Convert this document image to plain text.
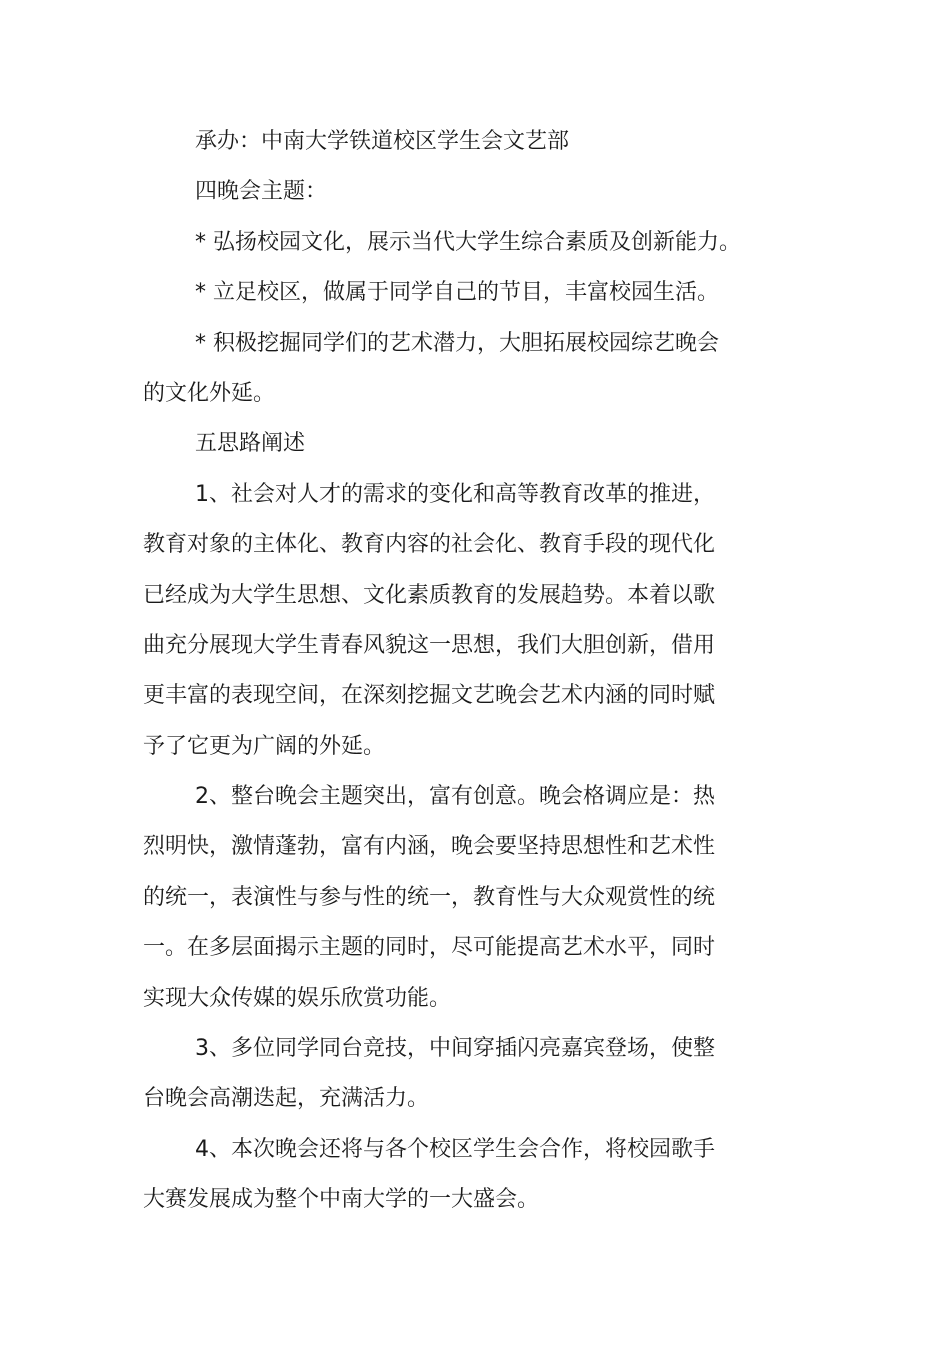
承办：中南大学铁道校区学生会文艺部
四晚会主题：
* 弘扬校园文化，展示当代大学生综合素质及创新能力。
* 立足校区，做属于同学自己的节目，丰富校园生活。
* 积极挖掘同学们的艺术潜力，大胆拓展校园综艺晚会
的文化外延。
五思路阐述
1、社会对人才的需求的变化和高等教育改革的推进，
教育对象的主体化、教育内容的社会化、教育手段的现代化
已经成为大学生思想、文化素质教育的发展趋势。本着以歌
曲充分展现大学生青春风貌这一思想，我们大胆创新，借用
更丰富的表现空间，在深刻挖掘文艺晚会艺术内涵的同时赋
予了它更为广阔的外延。
2、整台晚会主题突出，富有创意。晚会格调应是：热
烈明快，激情蓬勃，富有内涵，晚会要坚持思想性和艺术性
的统一，表演性与参与性的统一，教育性与大众观赏性的统
一。在多层面揭示主题的同时，尽可能提高艺术水平，同时
实现大众传媒的娱乐欣赏功能。
3、多位同学同台竞技，中间穿插闪亮嘉宾登场，使整
台晚会高潮迭起，充满活力。
4、本次晚会还将与各个校区学生会合作，将校园歌手
大赛发展成为整个中南大学的一大盛会。
